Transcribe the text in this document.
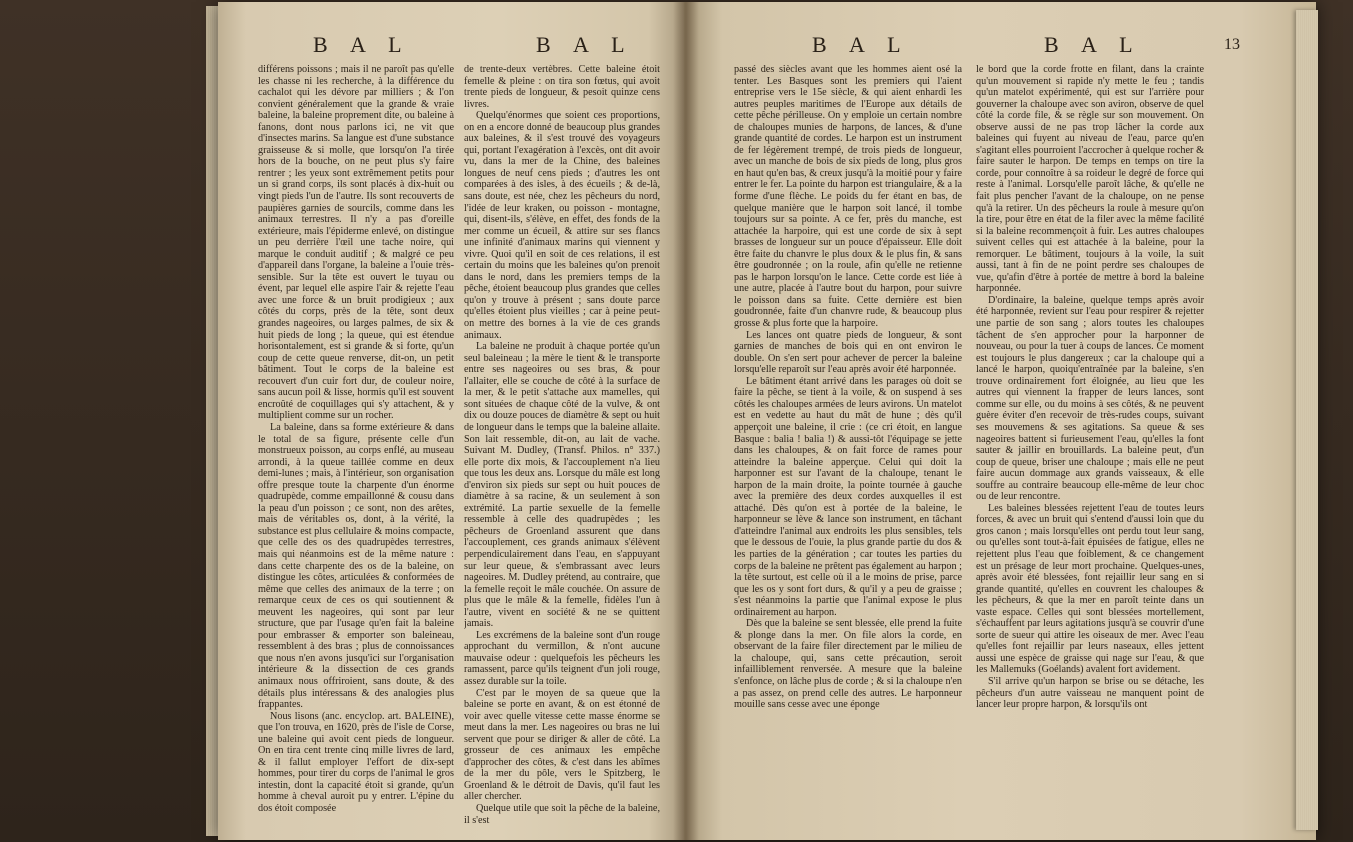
B A L	B A L

différens poissons ; mais il ne paroît pas qu'elle les chasse ni les recherche, à la différence du cachalot qui les dévore par milliers ; & l'on convient généralement que la grande & vraie baleine, la baleine proprement dite, ou baleine à fanons, dont nous parlons ici, ne vit que d'insectes marins. Sa langue est d'une substance graisseuse & si molle, que lorsqu'on l'a tirée hors de la bouche, on ne peut plus s'y faire rentrer ; les yeux sont extrêmement petits pour un si grand corps, ils sont placés à dix-huit ou vingt pieds l'un de l'autre. Ils sont recouverts de paupières garnies de sourcils, comme dans les animaux terrestres. Il n'y a pas d'oreille extérieure, mais l'épiderme enlevé, on distingue un peu derrière l'œil une tache noire, qui marque le conduit auditif ; & malgré ce peu d'appareil dans l'organe, la baleine a l'ouie très-sensible. Sur la tête est ouvert le tuyau ou évent, par lequel elle aspire l'air & rejette l'eau avec une force & un bruit prodigieux ; aux côtés du corps, près de la tête, sont deux grandes nageoires, ou larges palmes, de six & huit pieds de long ; la queue, qui est étendue horisontalement, est si grande & si forte, qu'un coup de cette queue renverse, dit-on, un petit bâtiment. Tout le corps de la baleine est recouvert d'un cuir fort dur, de couleur noire, sans aucun poil & lisse, hormis qu'il est souvent encroûté de coquillages qui s'y attachent, & y multiplient comme sur un rocher.

La baleine, dans sa forme extérieure & dans le total de sa figure, présente celle d'un monstrueux poisson, au corps enflé, au museau arrondi, à la queue taillée comme en deux demi-lunes ; mais, à l'intérieur, son organisation offre presque toute la charpente d'un énorme quadrupède, comme empaillonné & cousu dans la peau d'un poisson ; ce sont, non des arêtes, mais de véritables os, dont, à la vérité, la substance est plus cellulaire & moins compacte, que celle des os des quadrupèdes terrestres, mais qui néanmoins est de la même nature : dans cette charpente des os de la baleine, on distingue les côtes, articulées & conformées de même que celles des animaux de la terre ; on remarque ceux de ces os qui soutiennent & meuvent les nageoires, qui sont par leur structure, que par l'usage qu'en fait la baleine pour embrasser & emporter son baleineau, ressemblent à des bras ; plus de connoissances que nous n'en avons jusqu'ici sur l'organisation intérieure & la dissection de ces grands animaux nous offriroient, sans doute, & des détails plus intéressans & des analogies plus frappantes.

Nous lisons (anc. encyclop. art. BALEINE), que l'on trouva, en 1620, près de l'isle de Corse, une baleine qui avoit cent pieds de longueur. On en tira cent trente cinq mille livres de lard, & il fallut employer l'effort de dix-sept hommes, pour tirer du corps de l'animal le gros intestin, dont la capacité étoit si grande, qu'un homme à cheval auroit pu y entrer. L'épine du dos étoit composée

de trente-deux vertèbres. Cette baleine étoit femelle & pleine : on tira son fœtus, qui avoit trente pieds de longueur, & pesoit quinze cens livres.

Quelqu'énormes que soient ces proportions, on en a encore donné de beaucoup plus grandes aux baleines, & il s'est trouvé des voyageurs qui, portant l'exagération à l'excès, ont dit avoir vu, dans la mer de la Chine, des baleines longues de neuf cens pieds ; d'autres les ont comparées à des isles, à des écueils ; & de-là, sans doute, est née, chez les pêcheurs du nord, l'idée de leur kraken, ou poisson - montagne, qui, disent-ils, s'élève, en effet, des fonds de la mer comme un écueil, & attire sur ses flancs une infinité d'animaux marins qui viennent y vivre. Quoi qu'il en soit de ces relations, il est certain du moins que les baleines qu'on prenoit dans le nord, dans les premiers temps de la pêche, étoient beaucoup plus grandes que celles qu'on y trouve à présent ; sans doute parce qu'elles étoient plus vieilles ; car à peine peut-on mettre des bornes à la vie de ces grands animaux.

La baleine ne produit à chaque portée qu'un seul baleineau ; la mère le tient & le transporte entre ses nageoires ou ses bras, & pour l'allaiter, elle se couche de côté à la surface de la mer, & le petit s'attache aux mamelles, qui sont situées de chaque côté de la vulve, & ont dix ou douze pouces de diamètre & sept ou huit de longueur dans le temps que la baleine allaite. Son lait ressemble, dit-on, au lait de vache. Suivant M. Dudley, (Transf. Philos. n° 337.) elle porte dix mois, & l'accouplement n'a lieu que tous les deux ans. Lorsque du mâle est long d'environ six pieds sur sept ou huit pouces de diamètre à sa racine, & un seulement à son extrémité. La partie sexuelle de la femelle ressemble à celle des quadrupèdes ; les pêcheurs de Groenland assurent que dans l'accouplement, ces grands animaux s'élèvent perpendiculairement dans l'eau, en s'appuyant sur leur queue, & s'embrassant avec leurs nageoires. M. Dudley prétend, au contraire, que la femelle reçoit le mâle couchée. On assure de plus que le mâle & la femelle, fidèles l'un à l'autre, vivent en société & ne se quittent jamais.

Les excrémens de la baleine sont d'un rouge approchant du vermillon, & n'ont aucune mauvaise odeur : quelquefois les pêcheurs les ramassent, parce qu'ils teignent d'un joli rouge, assez durable sur la toile.

C'est par le moyen de sa queue que la baleine se porte en avant, & on est étonné de voir avec quelle vitesse cette masse énorme se meut dans la mer. Les nageoires ou bras ne lui servent que pour se diriger & aller de côté. La grosseur de ces animaux les empêche d'approcher des côtes, & c'est dans les abîmes de la mer du pôle, vers le Spitzberg, le Groenland & le détroit de Davis, qu'il faut les aller chercher.

Quelque utile que soit la pêche de la baleine, il s'est

B A L	B A L	13

passé des siècles avant que les hommes aient osé la tenter. Les Basques sont les premiers qui l'aient entreprise vers le 15e siècle, & qui aient enhardi les autres peuples maritimes de l'Europe aux détails de cette pêche périlleuse. On y emploie un certain nombre de chaloupes munies de harpons, de lances, & d'une grande quantité de cordes. Le harpon est un instrument de fer légèrement trempé, de trois pieds de longueur, avec un manche de bois de six pieds de long, plus gros en haut qu'en bas, & creux jusqu'à la moitié pour y faire entrer le fer. La pointe du harpon est triangulaire, & a la forme d'une flèche. Le poids du fer étant en bas, de quelque manière que le harpon soit lancé, il tombe toujours sur sa pointe. A ce fer, près du manche, est attachée la harpoire, qui est une corde de six à sept brasses de longueur sur un pouce d'épaisseur. Elle doit être faite du chanvre le plus doux & le plus fin, & sans être goudronnée ; on la roule, afin qu'elle ne retienne pas le harpon lorsqu'on le lance. Cette corde est liée à une autre, placée à l'autre bout du harpon, pour suivre le poisson dans sa fuite. Cette dernière est bien goudronnée, faite d'un chanvre rude, & beaucoup plus grosse & plus forte que la harpoire.

Les lances ont quatre pieds de longueur, & sont garnies de manches de bois qui en ont environ le double. On s'en sert pour achever de percer la baleine lorsqu'elle reparoît sur l'eau après avoir été harponnée.

Le bâtiment étant arrivé dans les parages où doit se faire la pêche, se tient à la voile, & on suspend à ses côtés les chaloupes armées de leurs avirons. Un matelot est en vedette au haut du mât de hune ; dès qu'il apperçoit une baleine, il crie : (ce cri étoit, en langue Basque : balia ! balia !) & aussi-tôt l'équipage se jette dans les chaloupes, & on fait force de rames pour atteindre la baleine apperçue. Celui qui doit la harponner est sur l'avant de la chaloupe, tenant le harpon de la main droite, la pointe tournée à gauche avec la première des deux cordes auxquelles il est attaché. Dès qu'on est à portée de la baleine, le harponneur se lève & lance son instrument, en tâchant d'atteindre l'animal aux endroits les plus sensibles, tels que le dessous de l'ouie, la plus grande partie du dos & les parties de la génération ; car toutes les parties du corps de la baleine ne prêtent pas également au harpon ; la tête surtout, est celle où il a le moins de prise, parce que les os y sont fort durs, & qu'il y a peu de graisse ; s'est néanmoins la partie que l'animal expose le plus ordinairement au harpon.

Dès que la baleine se sent blessée, elle prend la fuite & plonge dans la mer. On file alors la corde, en observant de la faire filer directement par le milieu de la chaloupe, qui, sans cette précaution, seroit infailliblement renversée. A mesure que la baleine s'enfonce, on lâche plus de corde ; & si la chaloupe n'en a pas assez, on prend celle des autres. Le harponneur mouille sans cesse avec une éponge

le bord que la corde frotte en filant, dans la crainte qu'un mouvement si rapide n'y mette le feu ; tandis qu'un matelot expérimenté, qui est sur l'arrière pour gouverner la chaloupe avec son aviron, observe de quel côté la corde file, & se règle sur son mouvement. On observe aussi de ne pas trop lâcher la corde aux baleines qui fuyent au niveau de l'eau, parce qu'en s'agitant elles pourroient l'accrocher à quelque rocher & faire sauter le harpon. De temps en temps on tire la corde, pour connoître à sa roideur le degré de force qui reste à l'animal. Lorsqu'elle paroît lâche, & qu'elle ne fait plus pencher l'avant de la chaloupe, on ne pense qu'à la retirer. Un des pêcheurs la roule à mesure qu'on la tire, pour être en état de la filer avec la même facilité si la baleine recommençoit à fuir. Les autres chaloupes suivent celles qui est attachée à la baleine, pour la remorquer. Le bâtiment, toujours à la voile, la suit aussi, tant à fin de ne point perdre ses chaloupes de vue, qu'afin d'être à portée de mettre à bord la baleine harponnée.

D'ordinaire, la baleine, quelque temps après avoir été harponnée, revient sur l'eau pour respirer & rejetter une partie de son sang ; alors toutes les chaloupes tâchent de s'en approcher pour la harponner de nouveau, ou pour la tuer à coups de lances. Ce moment est toujours le plus dangereux ; car la chaloupe qui a lancé le harpon, quoiqu'entraînée par la baleine, s'en trouve ordinairement fort éloignée, au lieu que les autres qui viennent la frapper de leurs lances, sont comme sur elle, ou du moins à ses côtés, & ne peuvent guère éviter d'en recevoir de très-rudes coups, suivant ses mouvemens & ses agitations. Sa queue & ses nageoires battent si furieusement l'eau, qu'elles la font sauter & jaillir en brouillards. La baleine peut, d'un coup de queue, briser une chaloupe ; mais elle ne peut faire aucun dommage aux grands vaisseaux, & elle souffre au contraire beaucoup elle-même de leur choc ou de leur rencontre.

Les baleines blessées rejettent l'eau de toutes leurs forces, & avec un bruit qui s'entend d'aussi loin que du gros canon ; mais lorsqu'elles ont perdu tout leur sang, ou qu'elles sont tout-à-fait épuisées de fatigue, elles ne rejettent plus l'eau que foiblement, & ce changement est un présage de leur mort prochaine. Quelques-unes, après avoir été blessées, font rejaillir leur sang en si grande quantité, qu'elles en couvrent les chaloupes & les pêcheurs, & que la mer en paroît teinte dans un vaste espace. Celles qui sont blessées mortellement, s'échauffent par leurs agitations jusqu'à se couvrir d'une sorte de sueur qui attire les oiseaux de mer. Avec l'eau qu'elles font rejaillir par leurs naseaux, elles jettent aussi une espèce de graisse qui nage sur l'eau, & que les Mallemuks (Goélands) avalent fort avidement.

S'il arrive qu'un harpon se brise ou se détache, les pêcheurs d'un autre vaisseau ne manquent point de lancer leur propre harpon, & lorsqu'ils ont
